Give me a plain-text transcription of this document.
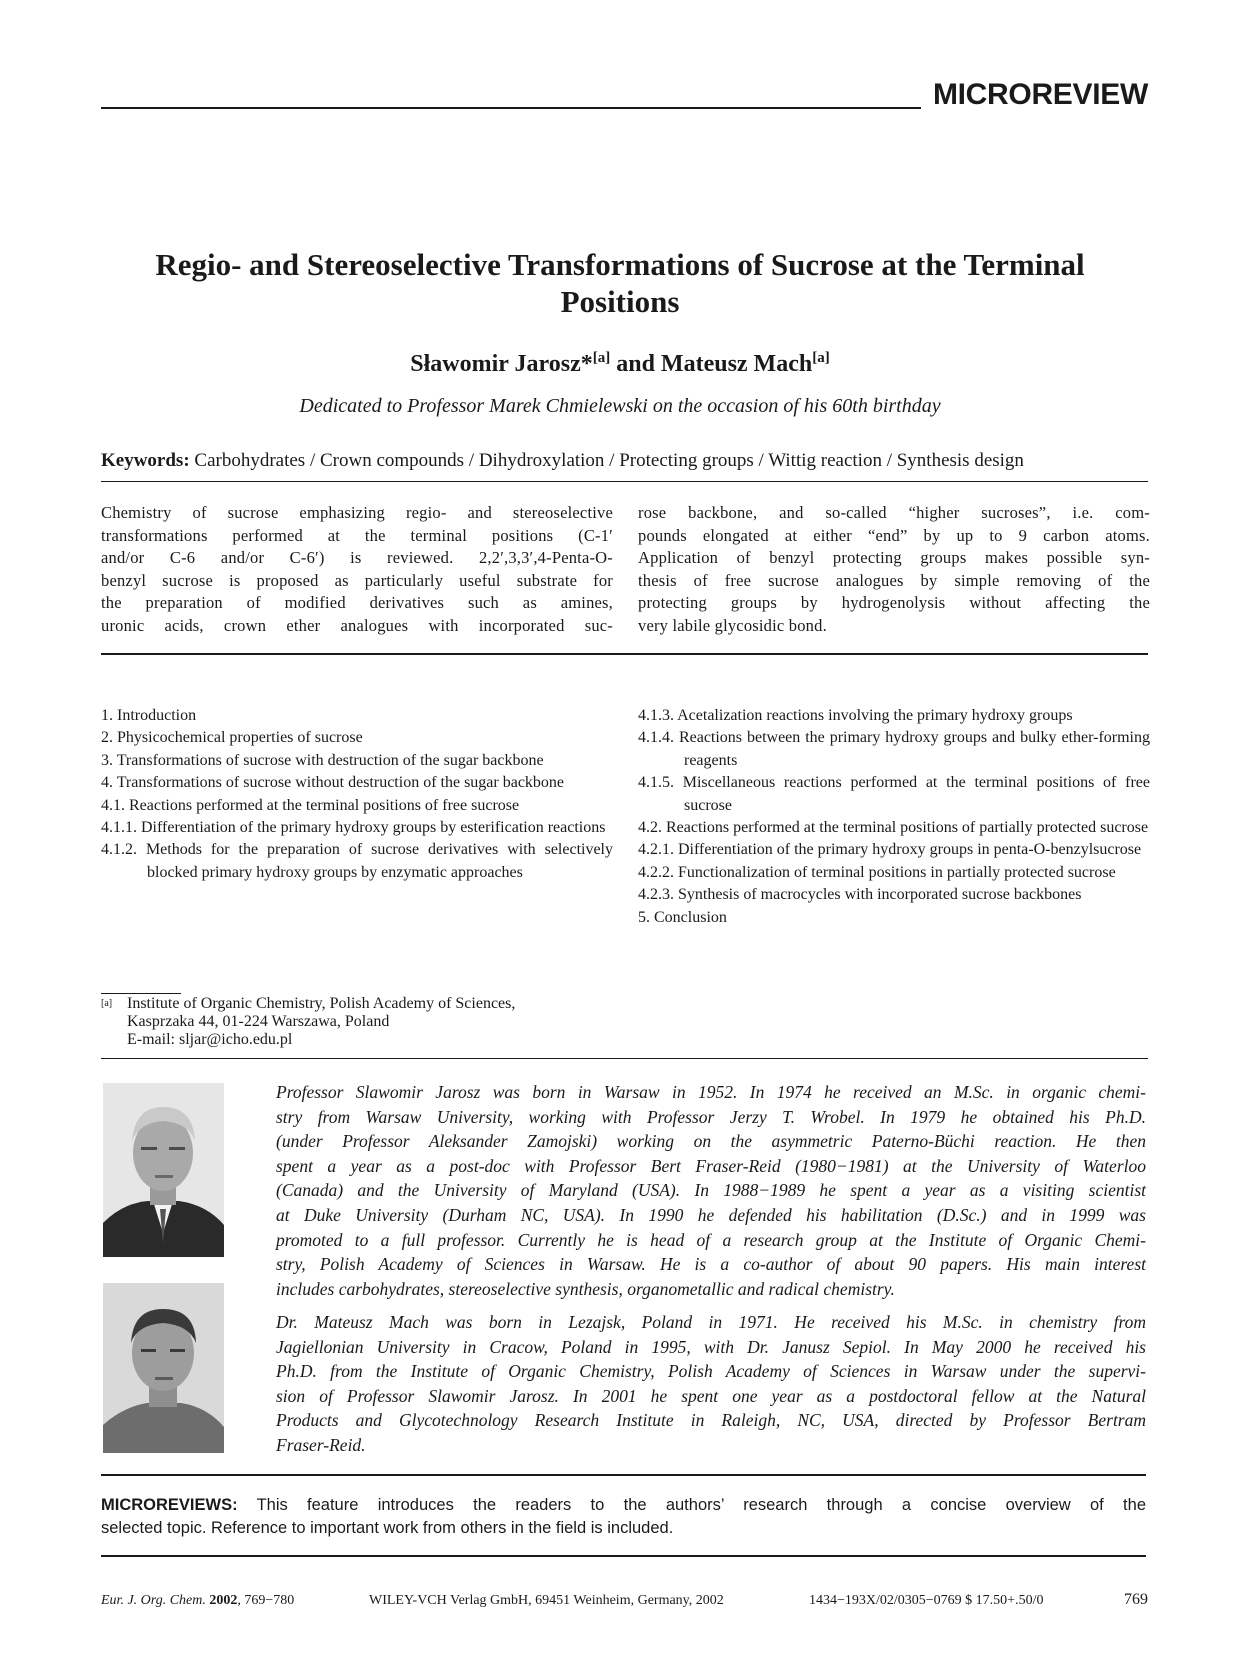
MICROREVIEW
Regio- and Stereoselective Transformations of Sucrose at the Terminal
Positions
Sławomir Jarosz*[a] and Mateusz Mach[a]
Dedicated to Professor Marek Chmielewski on the occasion of his 60th birthday
Keywords: Carbohydrates / Crown compounds / Dihydroxylation / Protecting groups / Wittig reaction / Synthesis design
Chemistry of sucrose emphasizing regio- and stereoselective
transformations performed at the terminal positions (C-1′
and/or C-6 and/or C-6′) is reviewed. 2,2′,3,3′,4-Penta-O-
benzyl sucrose is proposed as particularly useful substrate for
the preparation of modified derivatives such as amines,
uronic acids, crown ether analogues with incorporated suc-
rose backbone, and so-called “higher sucroses”, i.e. com-
pounds elongated at either “end” by up to 9 carbon atoms.
Application of benzyl protecting groups makes possible syn-
thesis of free sucrose analogues by simple removing of the
protecting groups by hydrogenolysis without affecting the
very labile glycosidic bond.
1. Introduction
2. Physicochemical properties of sucrose
3. Transformations of sucrose with destruction of the sugar backbone
4. Transformations of sucrose without destruction of the sugar backbone
4.1. Reactions performed at the terminal positions of free sucrose
4.1.1. Differentiation of the primary hydroxy groups by esterification reactions
4.1.2. Methods for the preparation of sucrose derivatives with selectively blocked primary hydroxy groups by enzymatic approaches
4.1.3. Acetalization reactions involving the primary hydroxy groups
4.1.4. Reactions between the primary hydroxy groups and bulky ether-forming reagents
4.1.5. Miscellaneous reactions performed at the terminal positions of free sucrose
4.2. Reactions performed at the terminal positions of partially protected sucrose
4.2.1. Differentiation of the primary hydroxy groups in penta-O-benzylsucrose
4.2.2. Functionalization of terminal positions in partially protected sucrose
4.2.3. Synthesis of macrocycles with incorporated sucrose backbones
5. Conclusion
[a] Institute of Organic Chemistry, Polish Academy of Sciences,
Kasprzaka 44, 01-224 Warszawa, Poland
E-mail: sljar@icho.edu.pl
Professor Slawomir Jarosz was born in Warsaw in 1952. In 1974 he received an M.Sc. in organic chemi-
stry from Warsaw University, working with Professor Jerzy T. Wrobel. In 1979 he obtained his Ph.D.
(under Professor Aleksander Zamojski) working on the asymmetric Paterno-Büchi reaction. He then
spent a year as a post-doc with Professor Bert Fraser-Reid (1980−1981) at the University of Waterloo
(Canada) and the University of Maryland (USA). In 1988−1989 he spent a year as a visiting scientist
at Duke University (Durham NC, USA). In 1990 he defended his habilitation (D.Sc.) and in 1999 was
promoted to a full professor. Currently he is head of a research group at the Institute of Organic Chemi-
stry, Polish Academy of Sciences in Warsaw. He is a co-author of about 90 papers. His main interest
includes carbohydrates, stereoselective synthesis, organometallic and radical chemistry.
Dr. Mateusz Mach was born in Lezajsk, Poland in 1971. He received his M.Sc. in chemistry from
Jagiellonian University in Cracow, Poland in 1995, with Dr. Janusz Sepiol. In May 2000 he received his
Ph.D. from the Institute of Organic Chemistry, Polish Academy of Sciences in Warsaw under the supervi-
sion of Professor Slawomir Jarosz. In 2001 he spent one year as a postdoctoral fellow at the Natural
Products and Glycotechnology Research Institute in Raleigh, NC, USA, directed by Professor Bertram
Fraser-Reid.
MICROREVIEWS: This feature introduces the readers to the authors’ research through a concise overview of the
selected topic. Reference to important work from others in the field is included.
Eur. J. Org. Chem. 2002 , 769−780	WILEY-VCH Verlag GmbH, 69451 Weinheim, Germany, 2002	1434−193X/02/0305−0769 $ 17.50+.50/0	769
